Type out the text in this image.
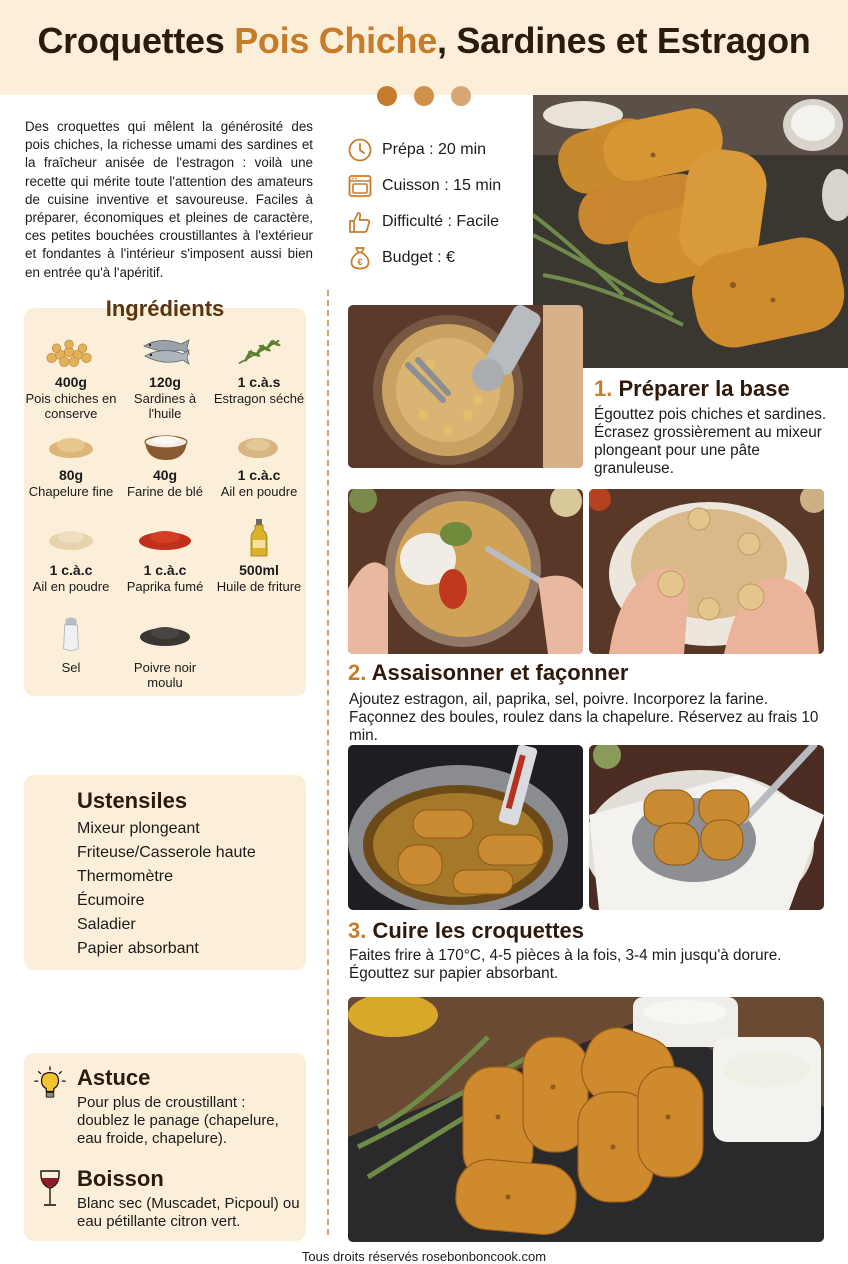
Croquettes Pois Chiche, Sardines et Estragon

Des croquettes qui mêlent la générosité des pois chiches, la richesse umami des sardines et la fraîcheur anisée de l'estragon : voilà une recette qui mérite toute l'attention des amateurs de cuisine inventive et savoureuse. Faciles à préparer, économiques et pleines de caractère, ces petites bouchées croustillantes à l'extérieur et fondantes à l'intérieur s'imposent aussi bien en entrée qu'à l'apéritif.

Prépa : 20 min
Cuisson : 15 min
Difficulté : Facile
€ Budget : €
Ingrédients
400g
Pois chiches en conserve
120g
Sardines à l'huile
1 c.à.s
Estragon séché
80g
Chapelure fine
40g
Farine de blé
1 c.à.c
Ail en poudre
1 c.à.c
Ail en poudre
1 c.à.c
Paprika fumé
500ml
Huile de friture
Sel	Poivre noir moulu
Ustensiles
Mixeur plongeant
Friteuse/Casserole haute
Thermomètre
Écumoire
Saladier
Papier absorbant
Astuce

Pour plus de croustillant : doublez le panage (chapelure, eau froide, chapelure).

Boisson

Blanc sec (Muscadet, Picpoul) ou eau pétillante citron vert.

1. Préparer la base

Égouttez pois chiches et sardines. Écrasez grossièrement au mixeur plongeant pour une pâte granuleuse.

2. Assaisonner et façonner

Ajoutez estragon, ail, paprika, sel, poivre. Incorporez la farine. Façonnez des boules, roulez dans la chapelure. Réservez au frais 10 min.

3. Cuire les croquettes

Faites frire à 170°C, 4-5 pièces à la fois, 3-4 min jusqu'à dorure. Égouttez sur papier absorbant.

Tous droits réservés rosebonboncook.com
